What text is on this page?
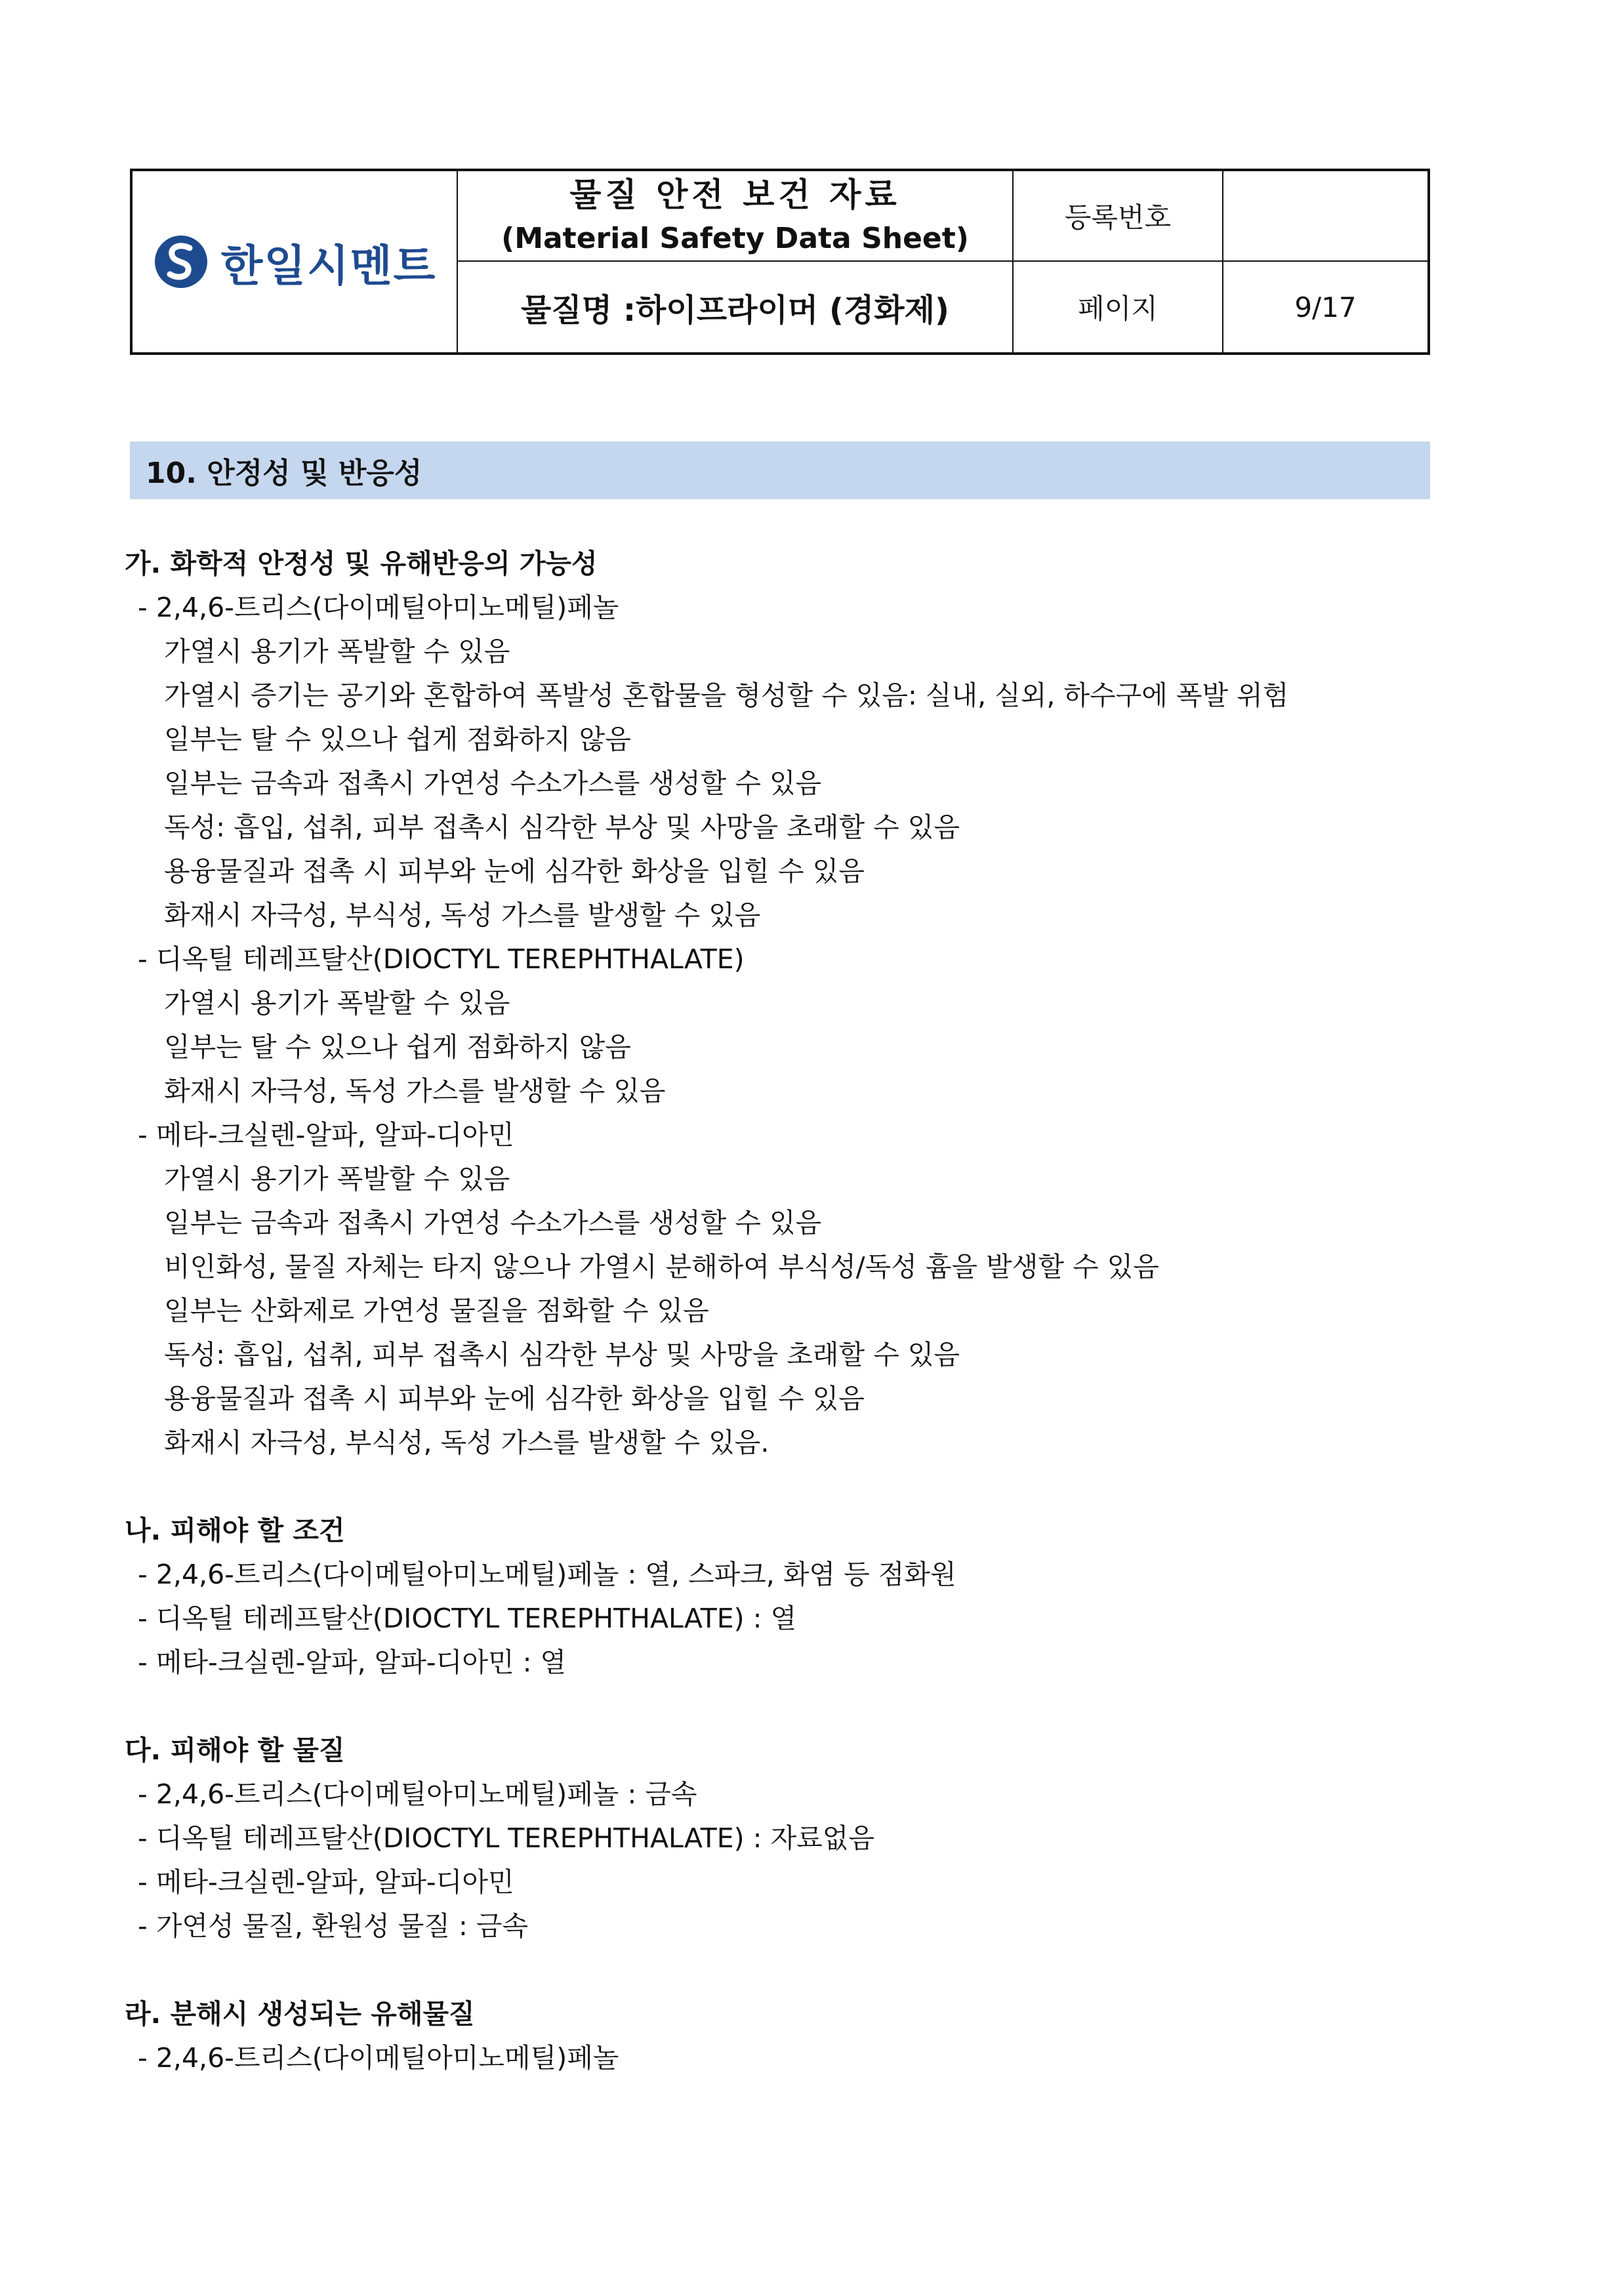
한일시멘트
물질 안전 보건 자료
(Material Safety Data Sheet)
등록번호
물질명 :하이프라이머 (경화제)	페이지	9/17
10. 안정성 및 반응성
가. 화학적 안정성 및 유해반응의 가능성
- 2,4,6-트리스(다이메틸아미노메틸)페놀
가열시 용기가 폭발할 수 있음
가열시 증기는 공기와 혼합하여 폭발성 혼합물을 형성할 수 있음: 실내, 실외, 하수구에 폭발 위험
일부는 탈 수 있으나 쉽게 점화하지 않음
일부는 금속과 접촉시 가연성 수소가스를 생성할 수 있음
독성: 흡입, 섭취, 피부 접촉시 심각한 부상 및 사망을 초래할 수 있음
용융물질과 접촉 시 피부와 눈에 심각한 화상을 입힐 수 있음
화재시 자극성, 부식성, 독성 가스를 발생할 수 있음
- 디옥틸 테레프탈산(DIOCTYL TEREPHTHALATE)
가열시 용기가 폭발할 수 있음
일부는 탈 수 있으나 쉽게 점화하지 않음
화재시 자극성, 독성 가스를 발생할 수 있음
- 메타-크실렌-알파, 알파-디아민
가열시 용기가 폭발할 수 있음
일부는 금속과 접촉시 가연성 수소가스를 생성할 수 있음
비인화성, 물질 자체는 타지 않으나 가열시 분해하여 부식성/독성 흄을 발생할 수 있음
일부는 산화제로 가연성 물질을 점화할 수 있음
독성: 흡입, 섭취, 피부 접촉시 심각한 부상 및 사망을 초래할 수 있음
용융물질과 접촉 시 피부와 눈에 심각한 화상을 입힐 수 있음
화재시 자극성, 부식성, 독성 가스를 발생할 수 있음.
나. 피해야 할 조건
- 2,4,6-트리스(다이메틸아미노메틸)페놀 : 열, 스파크, 화염 등 점화원
- 디옥틸 테레프탈산(DIOCTYL TEREPHTHALATE) : 열
- 메타-크실렌-알파, 알파-디아민 : 열
다. 피해야 할 물질
- 2,4,6-트리스(다이메틸아미노메틸)페놀 : 금속
- 디옥틸 테레프탈산(DIOCTYL TEREPHTHALATE) : 자료없음
- 메타-크실렌-알파, 알파-디아민
- 가연성 물질, 환원성 물질 : 금속
라. 분해시 생성되는 유해물질
- 2,4,6-트리스(다이메틸아미노메틸)페놀
